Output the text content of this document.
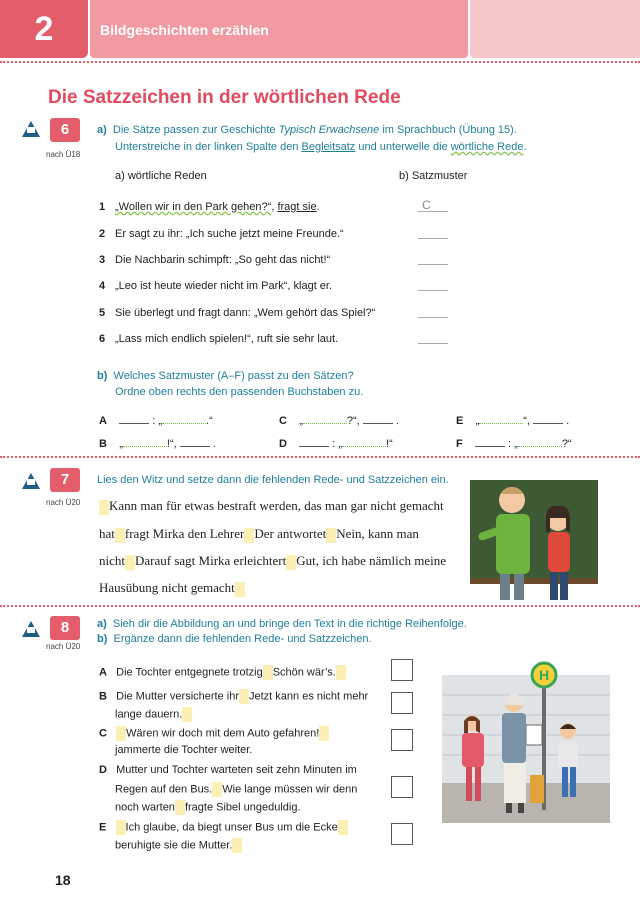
2	Bildgeschichten erzählen
Die Satzzeichen in der wörtlichen Rede
6
nach Ü18
a) Die Sätze passen zur Geschichte Typisch Erwachsene im Sprachbuch (Übung 15).
Unterstreiche in der linken Spalte den Begleitsatz und unterwelle die wörtliche Rede.
a) wörtliche Reden	b) Satzmuster
1 „Wollen wir in den Park gehen?“, fragt sie.	C
2 Er sagt zu ihr: „Ich suche jetzt meine Freunde.“
3 Die Nachbarin schimpft: „So geht das nicht!“
4 „Leo ist heute wieder nicht im Park“, klagt er.
5 Sie überlegt und fragt dann: „Wem gehört das Spiel?“
6 „Lass mich endlich spielen!“, ruft sie sehr laut.
b) Welches Satzmuster (A–F) passt zu den Sätzen?
Ordne oben rechts den passenden Buchstaben zu.
A	: „	.“
B „	!“,	.
C „	?“,	.
D	: „	!“
E „	“,	.
F	: „	?“
7
nach Ü20
Lies den Witz und setze dann die fehlenden Rede- und Satzzeichen ein.
Kann man für etwas bestraft werden, das man gar nicht gemacht
hat fragt Mirka den Lehrer Der antwortet Nein, kann man
nicht Darauf sagt Mirka erleichtert Gut, ich habe nämlich meine
Hausübung nicht gemacht
8
nach Ü20
a) Sieh dir die Abbildung an und bringe den Text in die richtige Reihenfolge.
b) Ergänze dann die fehlenden Rede- und Satzzeichen.
A Die Tochter entgegnete trotzig Schön wär’s.
B Die Mutter versicherte ihr Jetzt kann es nicht mehr
lange dauern.
C Wären wir doch mit dem Auto gefahren!
jammerte die Tochter weiter.
D Mutter und Tochter warteten seit zehn Minuten im
Regen auf den Bus. Wie lange müssen wir denn
noch warten fragte Sibel ungeduldig.
E Ich glaube, da biegt unser Bus um die Ecke
beruhigte sie die Mutter.
H
18
